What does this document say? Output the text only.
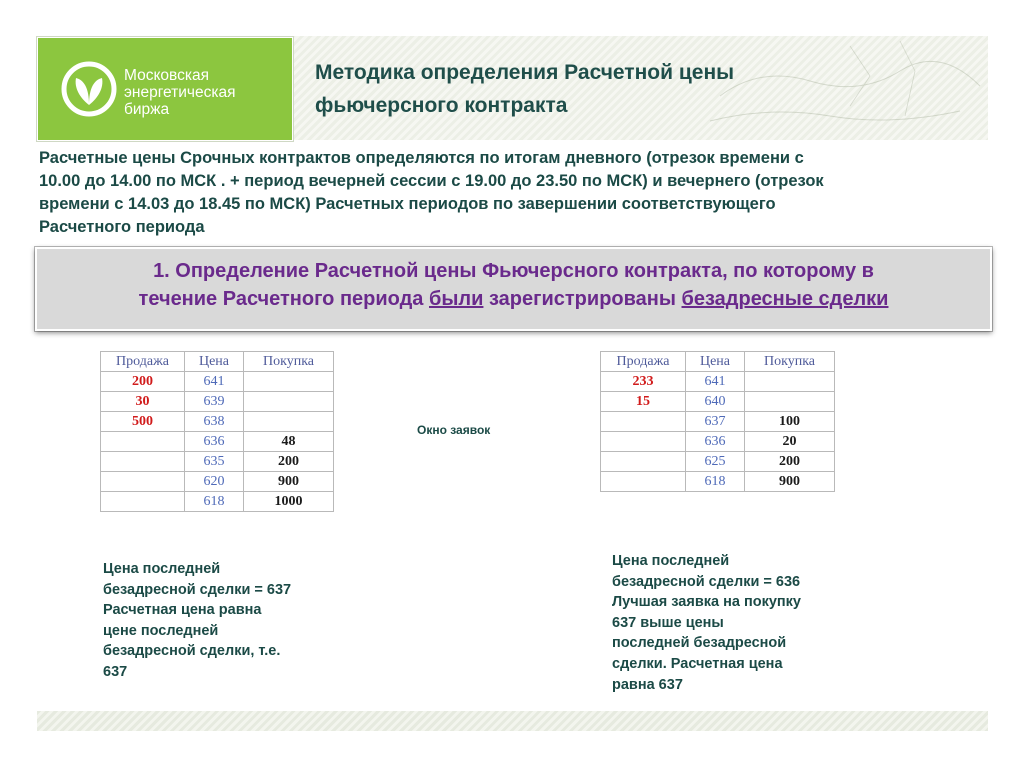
Московская
энергетическая
биржа
Методика определения Расчетной цены
фьючерсного контракта
Расчетные цены Срочных контрактов определяются по итогам дневного (отрезок времени с
10.00 до 14.00 по МСК . + период вечерней сессии с 19.00 до 23.50 по МСК) и вечернего (отрезок
времени с 14.03 до 18.45 по МСК) Расчетных периодов по завершении соответствующего
Расчетного периода
1. Определение Расчетной цены Фьючерсного контракта, по которому в
течение Расчетного периода были зарегистрированы безадресные сделки
Продажа	Цена	Покупка
200	641	
30	639	
500	638	
	636	48
	635	200
	620	900
	618	1000
Окно заявок
Продажа	Цена	Покупка
233	641	
15	640	
	637	100
	636	20
	625	200
	618	900
Цена последней
безадресной сделки = 637
Расчетная цена равна
цене последней
безадресной сделки, т.е.
637
Цена последней
безадресной сделки = 636
Лучшая заявка на покупку
637 выше цены
последней безадресной
сделки. Расчетная цена
равна 637
